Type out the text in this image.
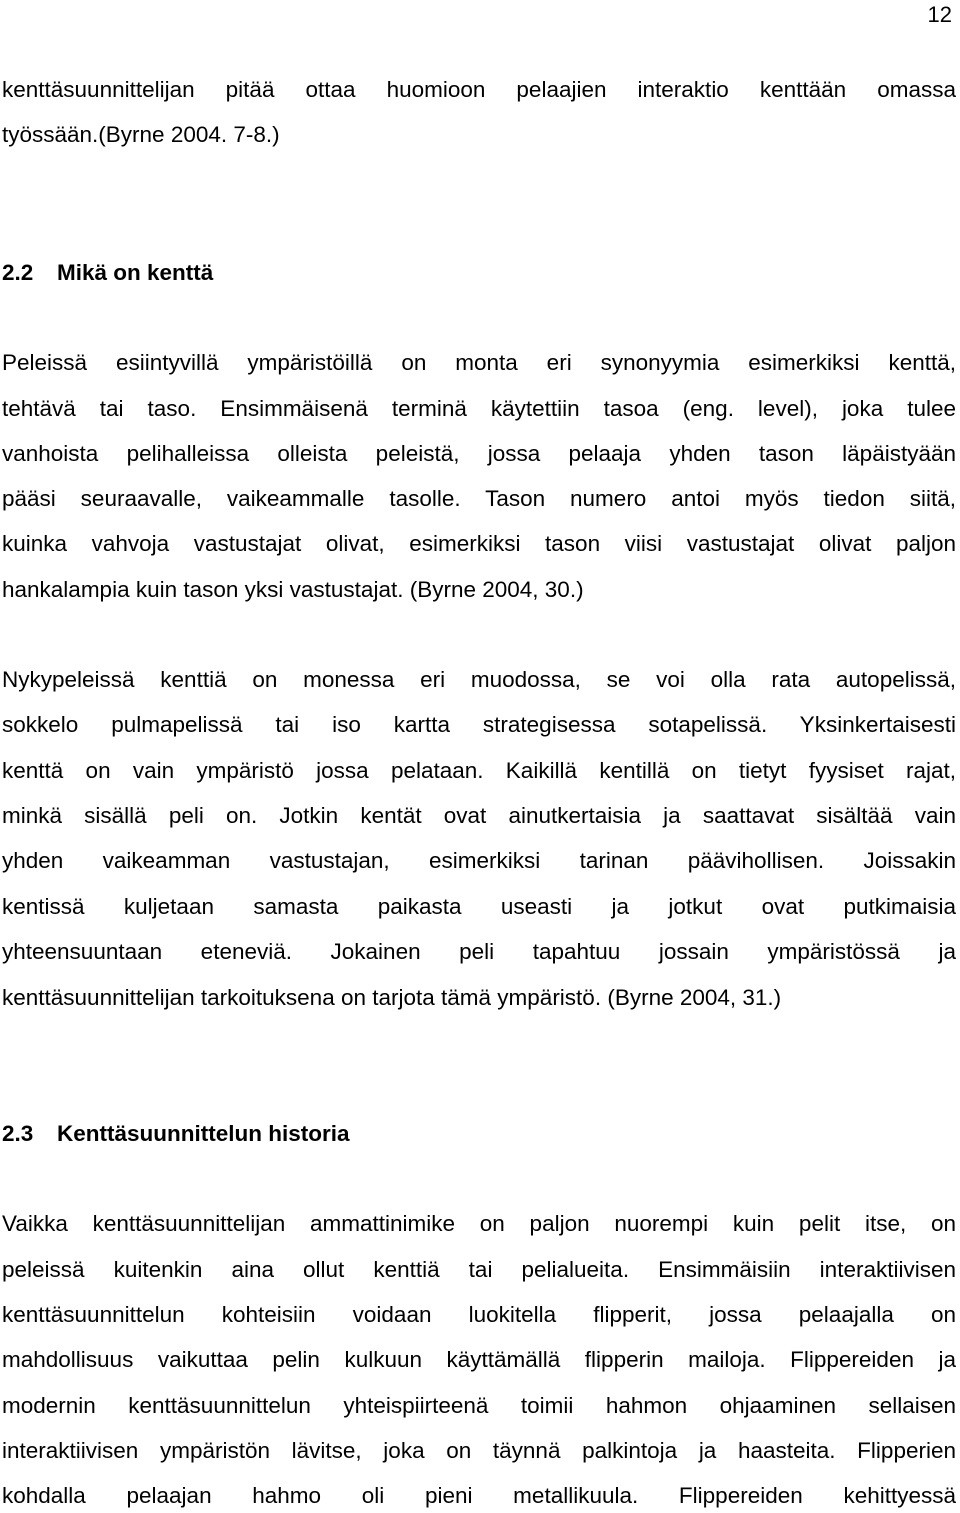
12
kenttäsuunnittelijan pitää ottaa huomioon pelaajien interaktio kenttään omassa
työssään.(Byrne 2004. 7-8.)
2.2 Mikä on kenttä
Peleissä esiintyvillä ympäristöillä on monta eri synonyymia esimerkiksi kenttä,
tehtävä tai taso. Ensimmäisenä terminä käytettiin tasoa (eng. level), joka tulee
vanhoista pelihalleissa olleista peleistä, jossa pelaaja yhden tason läpäistyään
pääsi seuraavalle, vaikeammalle tasolle. Tason numero antoi myös tiedon siitä,
kuinka vahvoja vastustajat olivat, esimerkiksi tason viisi vastustajat olivat paljon
hankalampia kuin tason yksi vastustajat. (Byrne 2004, 30.)
Nykypeleissä kenttiä on monessa eri muodossa, se voi olla rata autopelissä,
sokkelo pulmapelissä tai iso kartta strategisessa sotapelissä. Yksinkertaisesti
kenttä on vain ympäristö jossa pelataan. Kaikillä kentillä on tietyt fyysiset rajat,
minkä sisällä peli on. Jotkin kentät ovat ainutkertaisia ja saattavat sisältää vain
yhden vaikeamman vastustajan, esimerkiksi tarinan päävihollisen. Joissakin
kentissä kuljetaan samasta paikasta useasti ja jotkut ovat putkimaisia
yhteensuuntaan eteneviä. Jokainen peli tapahtuu jossain ympäristössä ja
kenttäsuunnittelijan tarkoituksena on tarjota tämä ympäristö. (Byrne 2004, 31.)
2.3 Kenttäsuunnittelun historia
Vaikka kenttäsuunnittelijan ammattinimike on paljon nuorempi kuin pelit itse, on
peleissä kuitenkin aina ollut kenttiä tai pelialueita. Ensimmäisiin interaktiivisen
kenttäsuunnittelun kohteisiin voidaan luokitella flipperit, jossa pelaajalla on
mahdollisuus vaikuttaa pelin kulkuun käyttämällä flipperin mailoja. Flippereiden ja
modernin kenttäsuunnittelun yhteispiirteenä toimii hahmon ohjaaminen sellaisen
interaktiivisen ympäristön lävitse, joka on täynnä palkintoja ja haasteita. Flipperien
kohdalla pelaajan hahmo oli pieni metallikuula. Flippereiden kehittyessä
